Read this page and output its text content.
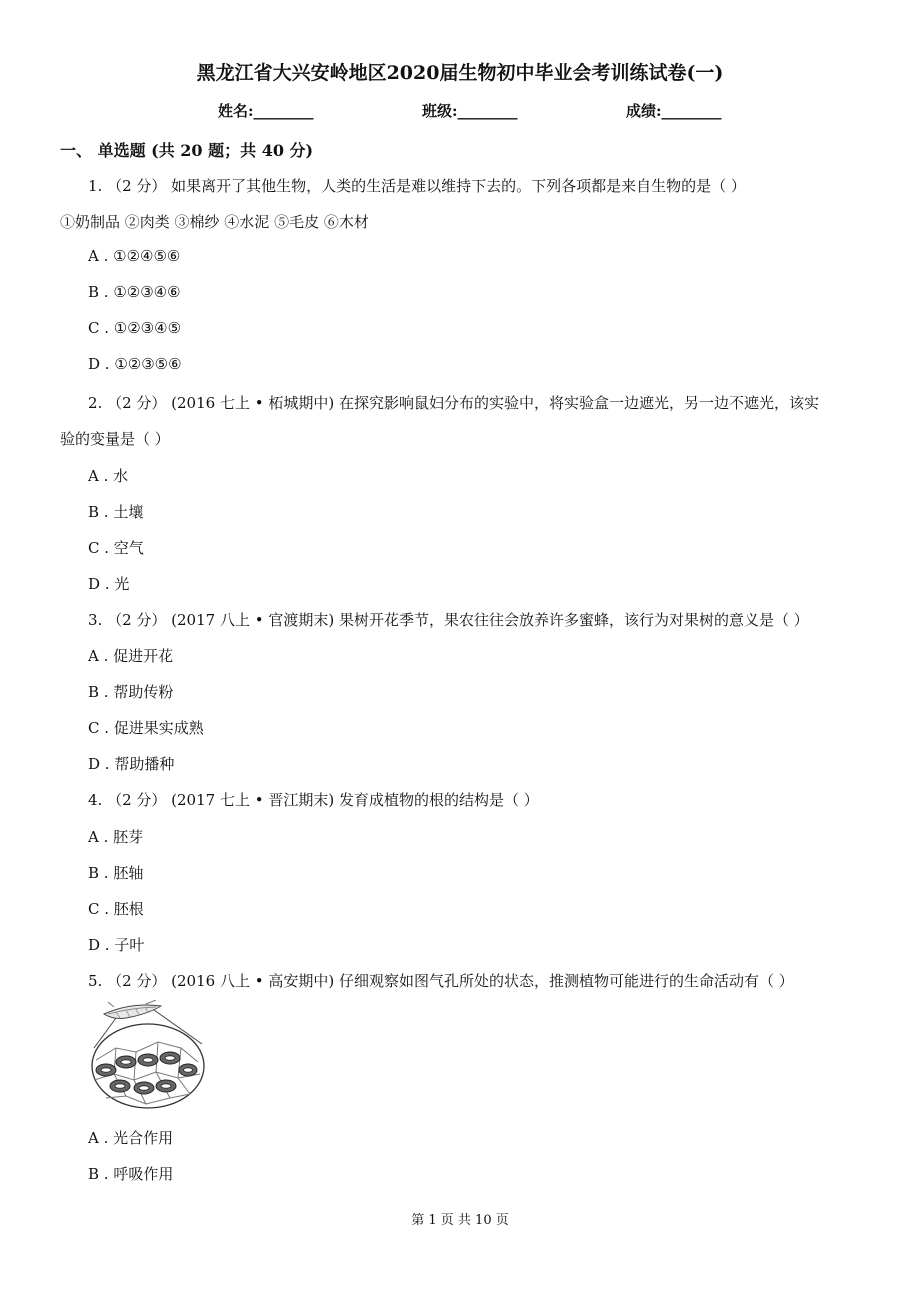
黑龙江省大兴安岭地区2020届生物初中毕业会考训练试卷(一)
姓名:________	班级:________	成绩:________
一、 单选题 (共 20 题；共 40 分)
1. （2 分） 如果离开了其他生物，人类的生活是难以维持下去的。下列各项都是来自生物的是（ ）
①奶制品 ②肉类 ③棉纱 ④水泥 ⑤毛皮 ⑥木材
A . ①②④⑤⑥
B . ①②③④⑥
C . ①②③④⑤
D . ①②③⑤⑥
2. （2 分） (2016 七上 • 柘城期中) 在探究影响鼠妇分布的实验中，将实验盒一边遮光，另一边不遮光，该实
验的变量是（ ）
A . 水
B . 土壤
C . 空气
D . 光
3. （2 分） (2017 八上 • 官渡期末) 果树开花季节，果农往往会放养许多蜜蜂，该行为对果树的意义是（ ）
A . 促进开花
B . 帮助传粉
C . 促进果实成熟
D . 帮助播种
4. （2 分） (2017 七上 • 晋江期末) 发育成植物的根的结构是（ ）
A . 胚芽
B . 胚轴
C . 胚根
D . 子叶
5. （2 分） (2016 八上 • 高安期中) 仔细观察如图气孔所处的状态，推测植物可能进行的生命活动有（ ）
A . 光合作用
B . 呼吸作用
第 1 页 共 10 页
